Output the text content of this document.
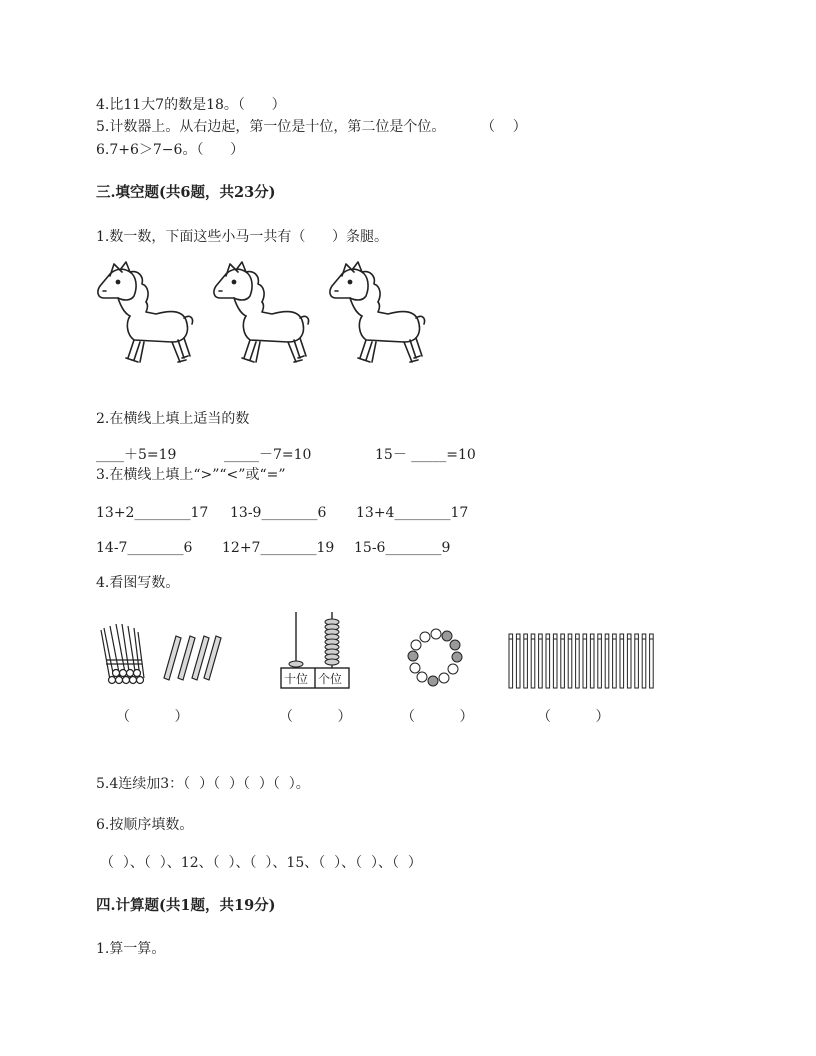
4.比11大7的数是18。（      ）
5.计数器上。从右边起，第一位是十位，第二位是个位。        （    ）
6.7+6＞7−6。（      ）
三.填空题(共6题，共23分)
1.数一数，下面这些小马一共有（      ）条腿。
2.在横线上填上适当的数
____＋5=19	_____－7=10	15－ _____=10
3.在横线上填上“>”“<”或“=”
13+2________17 13-9________6 13+4________17
14-7________6 12+7________19 15-6________9
4.看图写数。
十位 个位
（          ）	（          ）	（          ）	（          ）
5.4连续加3：（  ）（  ）（  ）（  ）。
6.按顺序填数。
（  ）、（  ）、12、（  ）、（  ）、15、（  ）、（  ）、（  ）
四.计算题(共1题，共19分)
1.算一算。
